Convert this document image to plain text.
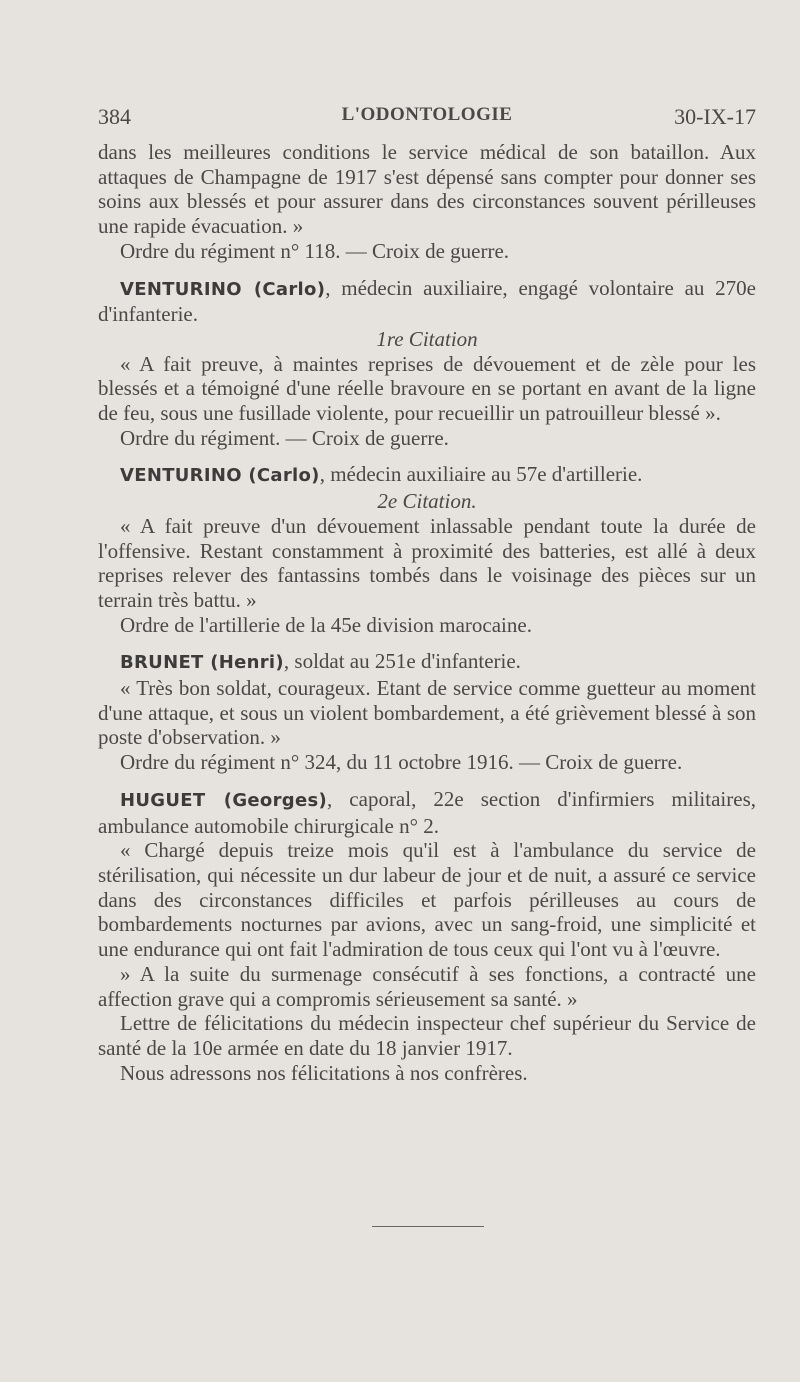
384	L'ODONTOLOGIE	30-IX-17

dans les meilleures conditions le service médical de son bataillon. Aux attaques de Champagne de 1917 s'est dépensé sans compter pour donner ses soins aux blessés et pour assurer dans des circonstances souvent périlleuses une rapide évacuation. »

Ordre du régiment n° 118. — Croix de guerre.

VENTURINO (Carlo), médecin auxiliaire, engagé volontaire au 270e d'infanterie.

1re Citation

« A fait preuve, à maintes reprises de dévouement et de zèle pour les blessés et a témoigné d'une réelle bravoure en se portant en avant de la ligne de feu, sous une fusillade violente, pour recueillir un patrouilleur blessé ».

Ordre du régiment. — Croix de guerre.

VENTURINO (Carlo), médecin auxiliaire au 57e d'artillerie.

2e Citation.

« A fait preuve d'un dévouement inlassable pendant toute la durée de l'offensive. Restant constamment à proximité des batteries, est allé à deux reprises relever des fantassins tombés dans le voisinage des pièces sur un terrain très battu. »

Ordre de l'artillerie de la 45e division marocaine.

BRUNET (Henri), soldat au 251e d'infanterie.

« Très bon soldat, courageux. Etant de service comme guetteur au moment d'une attaque, et sous un violent bombardement, a été grièvement blessé à son poste d'observation. »

Ordre du régiment n° 324, du 11 octobre 1916. — Croix de guerre.

HUGUET (Georges), caporal, 22e section d'infirmiers militaires, ambulance automobile chirurgicale n° 2.

« Chargé depuis treize mois qu'il est à l'ambulance du service de stérilisation, qui nécessite un dur labeur de jour et de nuit, a assuré ce service dans des circonstances difficiles et parfois périlleuses au cours de bombardements nocturnes par avions, avec un sang-froid, une simplicité et une endurance qui ont fait l'admiration de tous ceux qui l'ont vu à l'œuvre.

» A la suite du surmenage consécutif à ses fonctions, a contracté une affection grave qui a compromis sérieusement sa santé. »

Lettre de félicitations du médecin inspecteur chef supérieur du Service de santé de la 10e armée en date du 18 janvier 1917.

Nous adressons nos félicitations à nos confrères.
